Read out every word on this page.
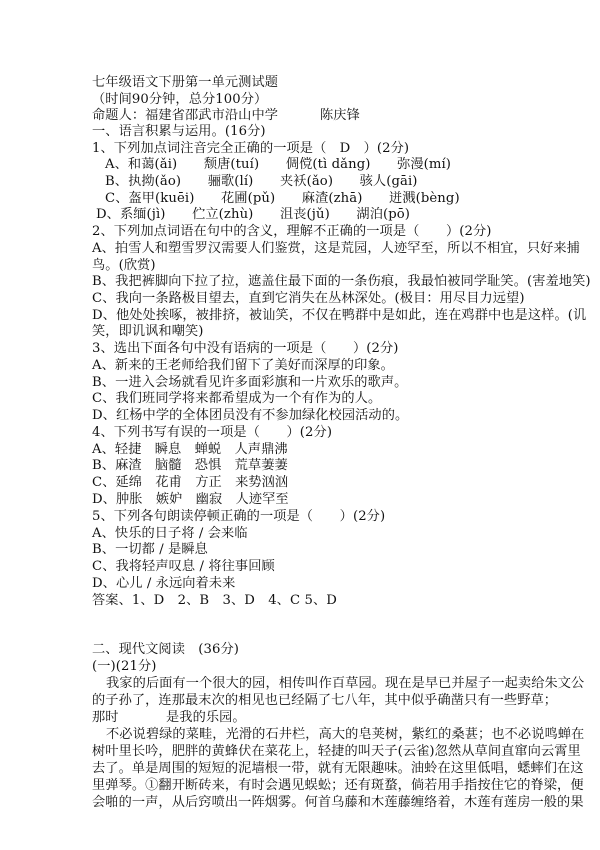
七年级语文下册第一单元测试题
（时间90分钟，总分100分）
命题人：福建省邵武市沿山中学	陈庆锋
一、语言积累与运用。(16分)
1、下列加点词注音完全正确的一项是（　D　）(2分)
A、和蔼(ǎi)　　颓唐(tuí)　　倜傥(tì dǎng)　　弥漫(mí)
B、执拗(ǎo)　　骊歌(lí)　　夹袄(ǎo)　　骇人(gāi)
C、盔甲(kuēi)　　花圃(pǔ)　　麻渣(zhā)　　迸溅(bèng)
D、系缅(jì)　　伫立(zhù)　　沮丧(jǔ)　　湖泊(pō)
2、下列加点词语在句中的含义，理解不正确的一项是（　　）(2分)
A、拍雪人和塑雪罗汉需要人们鉴赏，这是荒园，人迹罕至，所以不相宜，只好来捕
鸟。(欣赏)
B、我把裤脚向下拉了拉，遮盖住最下面的一条伤痕，我最怕被同学耻笑。(害羞地笑)
C、我向一条路极目望去，直到它消失在丛林深处。(极目：用尽目力远望)
D、他处处挨啄，被排挤，被讪笑，不仅在鸭群中是如此，连在鸡群中也是这样。(讥
笑，即讥讽和嘲笑)
3、选出下面各句中没有语病的一项是（　　）(2分)
A、新来的王老师给我们留下了美好而深厚的印象。
B、一进入会场就看见许多面彩旗和一片欢乐的歌声。
C、我们班同学将来都希望成为一个有作为的人。
D、红杨中学的全体团员没有不参加绿化校园活动的。
4、下列书写有误的一项是（　　）(2分)
A、轻捷　瞬息　蝉蜕　人声鼎沸
B、麻渣　脑髓　恐惧　荒草萋萋
C、延绵　花甫　方正　来势汹汹
D、肿胀　嫉妒　幽寂　人迹罕至
5、下列各句朗读停顿正确的一项是（　　）(2分)
A、快乐的日子将 / 会来临
B、一切都 / 是瞬息
C、我将轻声叹息 / 将往事回顾
D、心儿 / 永远向着未来
答案、1、D　2、B　3、D　4、C 5、D
二、现代文阅读　(36分)
(一)(21分)
我家的后面有一个很大的园，相传叫作百草园。现在是早已并屋子一起卖给朱文公
的子孙了，连那最末次的相见也已经隔了七八年，其中似乎确凿只有一些野草；
那时	是我的乐园。
不必说碧绿的菜畦，光滑的石井栏，高大的皂荚树，紫红的桑葚；也不必说鸣蝉在
树叶里长吟，肥胖的黄蜂伏在菜花上，轻捷的叫天子(云雀)忽然从草间直窜向云霄里
去了。单是周围的短短的泥墙根一带，就有无限趣味。油蛉在这里低唱，蟋蟀们在这
里弹琴。①翻开断砖来，有时会遇见蜈蚣；还有斑蝥，倘若用手指按住它的脊梁，便
会啪的一声，从后窍喷出一阵烟雾。何首乌藤和木莲藤缠络着，木莲有莲房一般的果
